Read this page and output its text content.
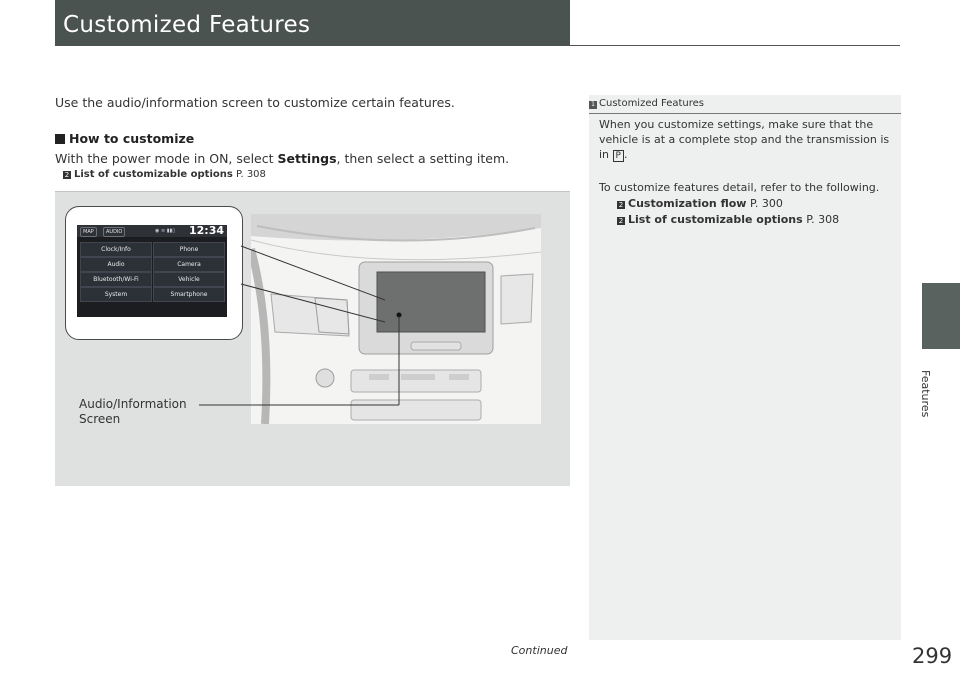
Customized Features
Features
Use the audio/information screen to customize certain features.
How to customize
With the power mode in ON, select Settings, then select a setting item.
2 List of customizable options P. 308
MAP	AUDIO	◉ ≋ ▮▮▯ 12:34
Clock/Info	Phone
Audio	Camera
Bluetooth/Wi-Fi	Vehicle
System	Smartphone
Audio/Information
Screen
1 Customized Features
When you customize settings, make sure that the
vehicle is at a complete stop and the transmission is
in P .
To customize features detail, refer to the following.
2 Customization flow P. 300
2 List of customizable options P. 308
Continued	299
